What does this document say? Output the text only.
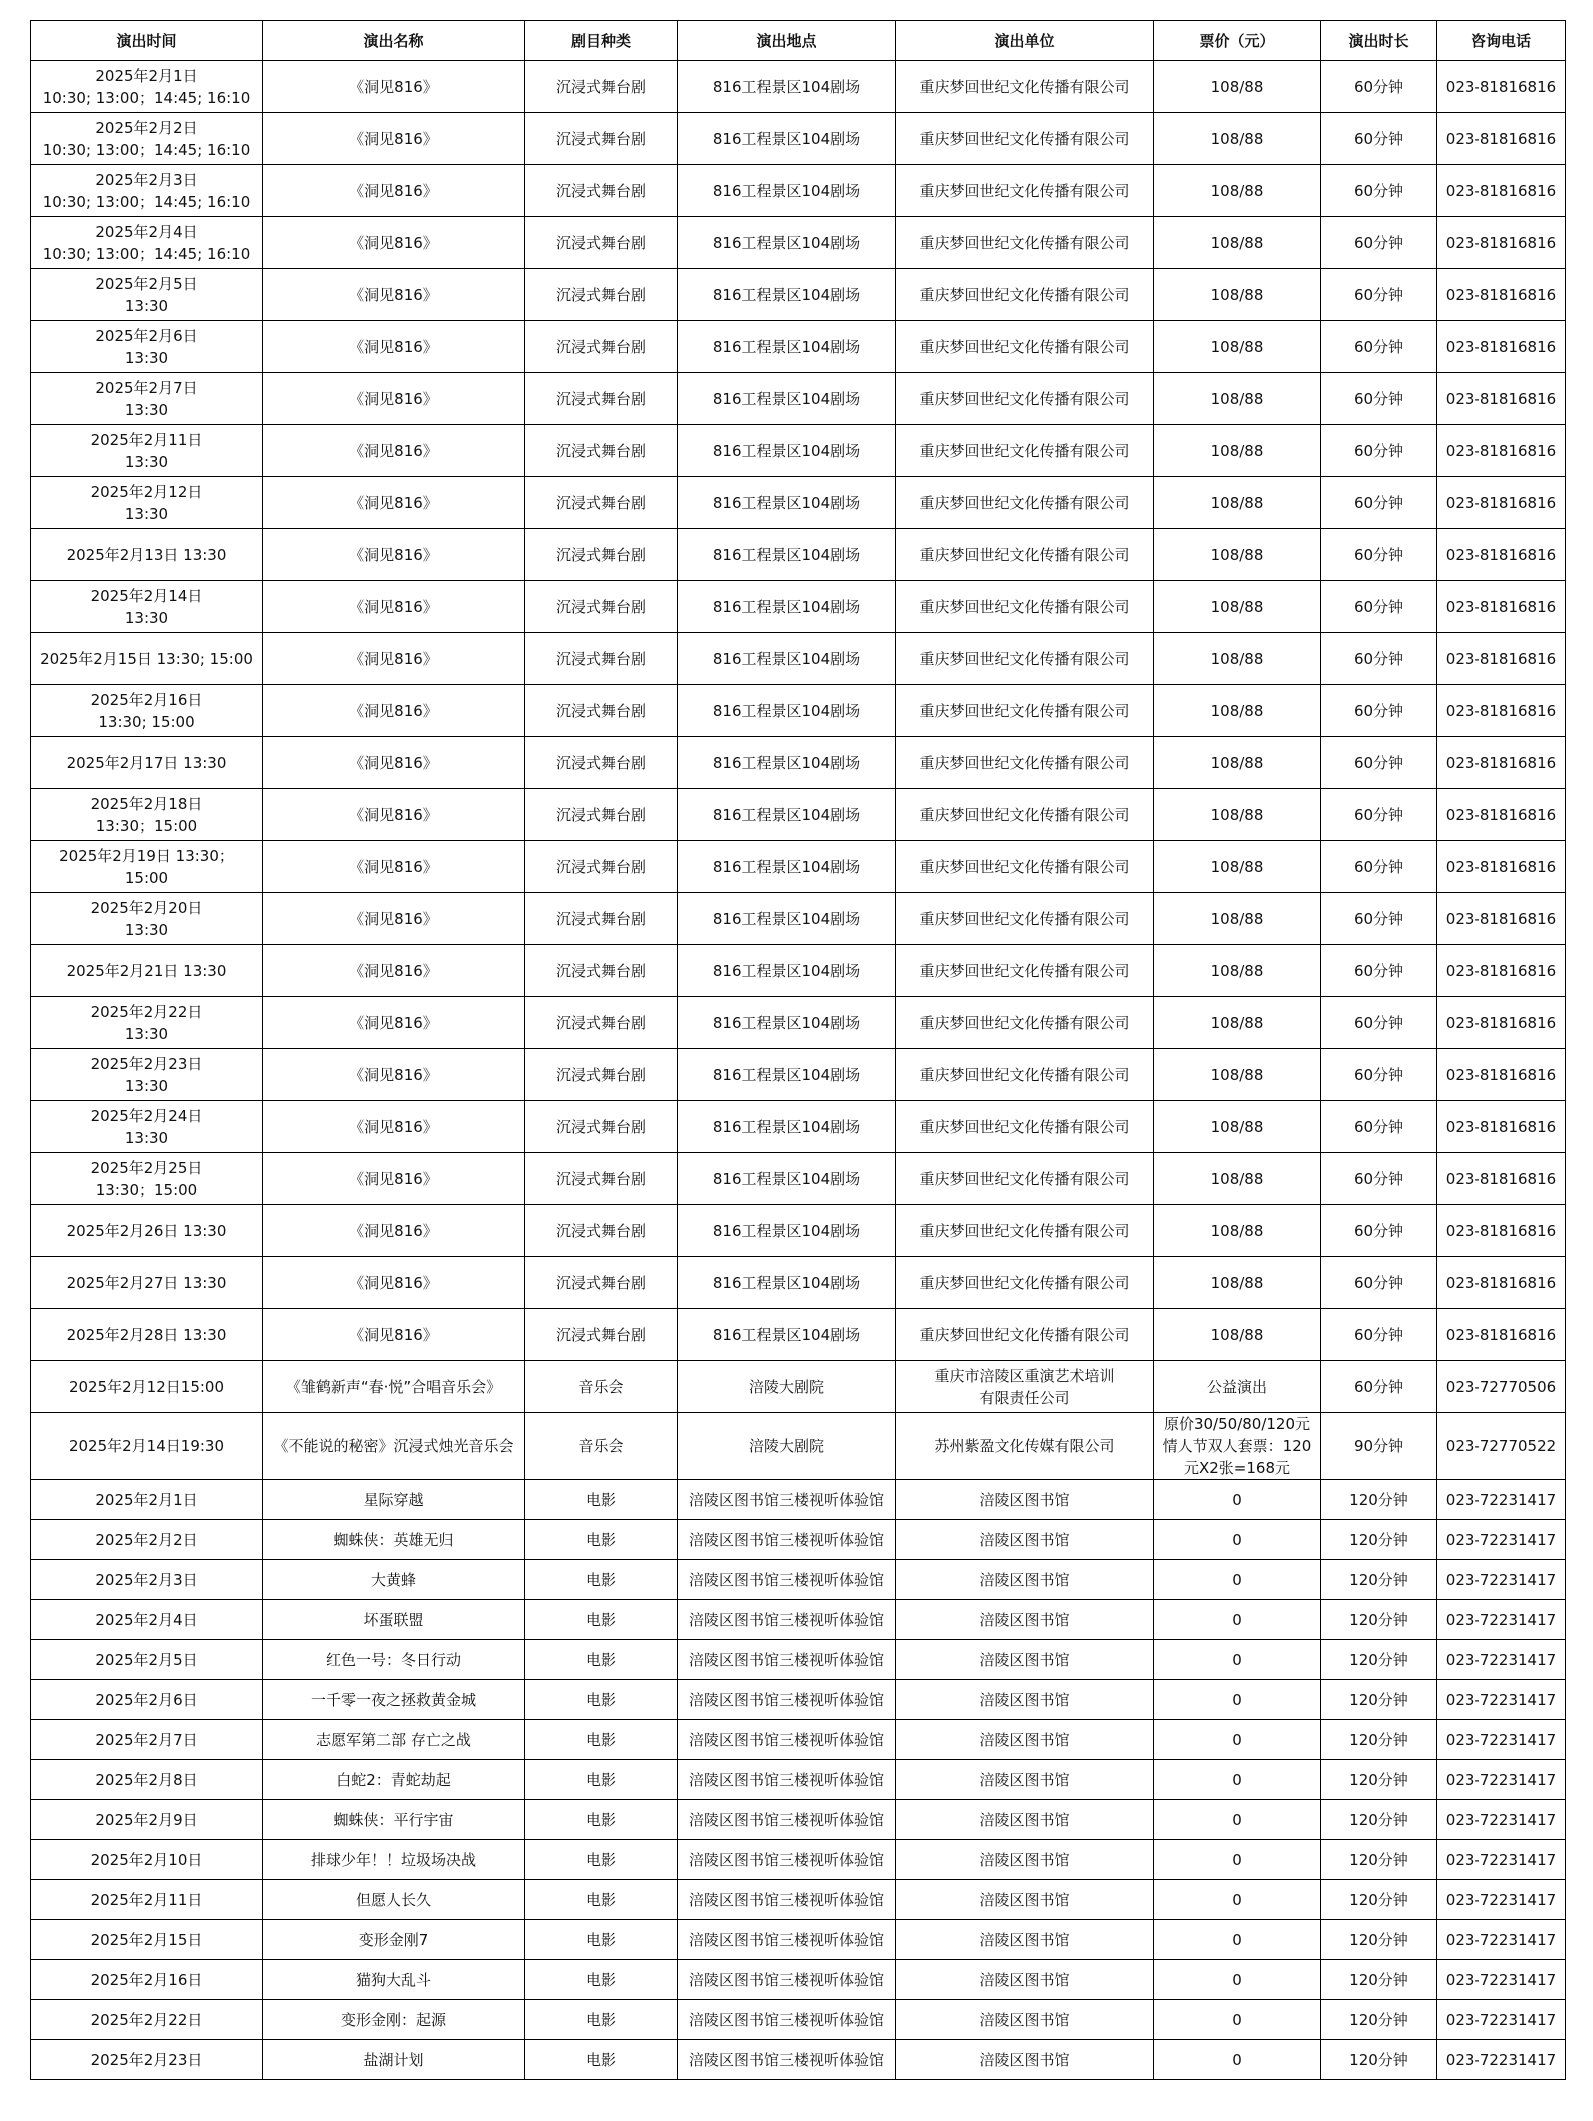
演出时间	演出名称	剧目种类	演出地点	演出单位	票价（元）	演出时长	咨询电话
2025年2月1日
10:30; 13:00；14:45; 16:10	《洞见816》	沉浸式舞台剧	816工程景区104剧场	重庆梦回世纪文化传播有限公司	108/88	60分钟	023-81816816
2025年2月2日
10:30; 13:00；14:45; 16:10	《洞见816》	沉浸式舞台剧	816工程景区104剧场	重庆梦回世纪文化传播有限公司	108/88	60分钟	023-81816816
2025年2月3日
10:30; 13:00；14:45; 16:10	《洞见816》	沉浸式舞台剧	816工程景区104剧场	重庆梦回世纪文化传播有限公司	108/88	60分钟	023-81816816
2025年2月4日
10:30; 13:00；14:45; 16:10	《洞见816》	沉浸式舞台剧	816工程景区104剧场	重庆梦回世纪文化传播有限公司	108/88	60分钟	023-81816816
2025年2月5日
13:30	《洞见816》	沉浸式舞台剧	816工程景区104剧场	重庆梦回世纪文化传播有限公司	108/88	60分钟	023-81816816
2025年2月6日
13:30	《洞见816》	沉浸式舞台剧	816工程景区104剧场	重庆梦回世纪文化传播有限公司	108/88	60分钟	023-81816816
2025年2月7日
13:30	《洞见816》	沉浸式舞台剧	816工程景区104剧场	重庆梦回世纪文化传播有限公司	108/88	60分钟	023-81816816
2025年2月11日
13:30	《洞见816》	沉浸式舞台剧	816工程景区104剧场	重庆梦回世纪文化传播有限公司	108/88	60分钟	023-81816816
2025年2月12日
13:30	《洞见816》	沉浸式舞台剧	816工程景区104剧场	重庆梦回世纪文化传播有限公司	108/88	60分钟	023-81816816
2025年2月13日 13:30	《洞见816》	沉浸式舞台剧	816工程景区104剧场	重庆梦回世纪文化传播有限公司	108/88	60分钟	023-81816816
2025年2月14日
13:30	《洞见816》	沉浸式舞台剧	816工程景区104剧场	重庆梦回世纪文化传播有限公司	108/88	60分钟	023-81816816
2025年2月15日 13:30; 15:00	《洞见816》	沉浸式舞台剧	816工程景区104剧场	重庆梦回世纪文化传播有限公司	108/88	60分钟	023-81816816
2025年2月16日
13:30; 15:00	《洞见816》	沉浸式舞台剧	816工程景区104剧场	重庆梦回世纪文化传播有限公司	108/88	60分钟	023-81816816
2025年2月17日 13:30	《洞见816》	沉浸式舞台剧	816工程景区104剧场	重庆梦回世纪文化传播有限公司	108/88	60分钟	023-81816816
2025年2月18日
13:30；15:00	《洞见816》	沉浸式舞台剧	816工程景区104剧场	重庆梦回世纪文化传播有限公司	108/88	60分钟	023-81816816
2025年2月19日 13:30；
15:00	《洞见816》	沉浸式舞台剧	816工程景区104剧场	重庆梦回世纪文化传播有限公司	108/88	60分钟	023-81816816
2025年2月20日
13:30	《洞见816》	沉浸式舞台剧	816工程景区104剧场	重庆梦回世纪文化传播有限公司	108/88	60分钟	023-81816816
2025年2月21日 13:30	《洞见816》	沉浸式舞台剧	816工程景区104剧场	重庆梦回世纪文化传播有限公司	108/88	60分钟	023-81816816
2025年2月22日
13:30	《洞见816》	沉浸式舞台剧	816工程景区104剧场	重庆梦回世纪文化传播有限公司	108/88	60分钟	023-81816816
2025年2月23日
13:30	《洞见816》	沉浸式舞台剧	816工程景区104剧场	重庆梦回世纪文化传播有限公司	108/88	60分钟	023-81816816
2025年2月24日
13:30	《洞见816》	沉浸式舞台剧	816工程景区104剧场	重庆梦回世纪文化传播有限公司	108/88	60分钟	023-81816816
2025年2月25日
13:30；15:00	《洞见816》	沉浸式舞台剧	816工程景区104剧场	重庆梦回世纪文化传播有限公司	108/88	60分钟	023-81816816
2025年2月26日 13:30	《洞见816》	沉浸式舞台剧	816工程景区104剧场	重庆梦回世纪文化传播有限公司	108/88	60分钟	023-81816816
2025年2月27日 13:30	《洞见816》	沉浸式舞台剧	816工程景区104剧场	重庆梦回世纪文化传播有限公司	108/88	60分钟	023-81816816
2025年2月28日 13:30	《洞见816》	沉浸式舞台剧	816工程景区104剧场	重庆梦回世纪文化传播有限公司	108/88	60分钟	023-81816816
2025年2月12日15:00	《雏鹤新声“春·悦”合唱音乐会》	音乐会	涪陵大剧院	重庆市涪陵区重演艺术培训
有限责任公司	公益演出	60分钟	023-72770506
2025年2月14日19:30	《不能说的秘密》沉浸式烛光音乐会	音乐会	涪陵大剧院	苏州紫盈文化传媒有限公司	原价30/50/80/120元
情人节双人套票：120
元X2张=168元	90分钟	023-72770522
2025年2月1日	星际穿越	电影	涪陵区图书馆三楼视听体验馆	涪陵区图书馆	0	120分钟	023-72231417
2025年2月2日	蜘蛛侠：英雄无归	电影	涪陵区图书馆三楼视听体验馆	涪陵区图书馆	0	120分钟	023-72231417
2025年2月3日	大黄蜂	电影	涪陵区图书馆三楼视听体验馆	涪陵区图书馆	0	120分钟	023-72231417
2025年2月4日	坏蛋联盟	电影	涪陵区图书馆三楼视听体验馆	涪陵区图书馆	0	120分钟	023-72231417
2025年2月5日	红色一号：冬日行动	电影	涪陵区图书馆三楼视听体验馆	涪陵区图书馆	0	120分钟	023-72231417
2025年2月6日	一千零一夜之拯救黄金城	电影	涪陵区图书馆三楼视听体验馆	涪陵区图书馆	0	120分钟	023-72231417
2025年2月7日	志愿军第二部 存亡之战	电影	涪陵区图书馆三楼视听体验馆	涪陵区图书馆	0	120分钟	023-72231417
2025年2月8日	白蛇2：青蛇劫起	电影	涪陵区图书馆三楼视听体验馆	涪陵区图书馆	0	120分钟	023-72231417
2025年2月9日	蜘蛛侠：平行宇宙	电影	涪陵区图书馆三楼视听体验馆	涪陵区图书馆	0	120分钟	023-72231417
2025年2月10日	排球少年！！垃圾场决战	电影	涪陵区图书馆三楼视听体验馆	涪陵区图书馆	0	120分钟	023-72231417
2025年2月11日	但愿人长久	电影	涪陵区图书馆三楼视听体验馆	涪陵区图书馆	0	120分钟	023-72231417
2025年2月15日	变形金刚7	电影	涪陵区图书馆三楼视听体验馆	涪陵区图书馆	0	120分钟	023-72231417
2025年2月16日	猫狗大乱斗	电影	涪陵区图书馆三楼视听体验馆	涪陵区图书馆	0	120分钟	023-72231417
2025年2月22日	变形金刚：起源	电影	涪陵区图书馆三楼视听体验馆	涪陵区图书馆	0	120分钟	023-72231417
2025年2月23日	盐湖计划	电影	涪陵区图书馆三楼视听体验馆	涪陵区图书馆	0	120分钟	023-72231417
